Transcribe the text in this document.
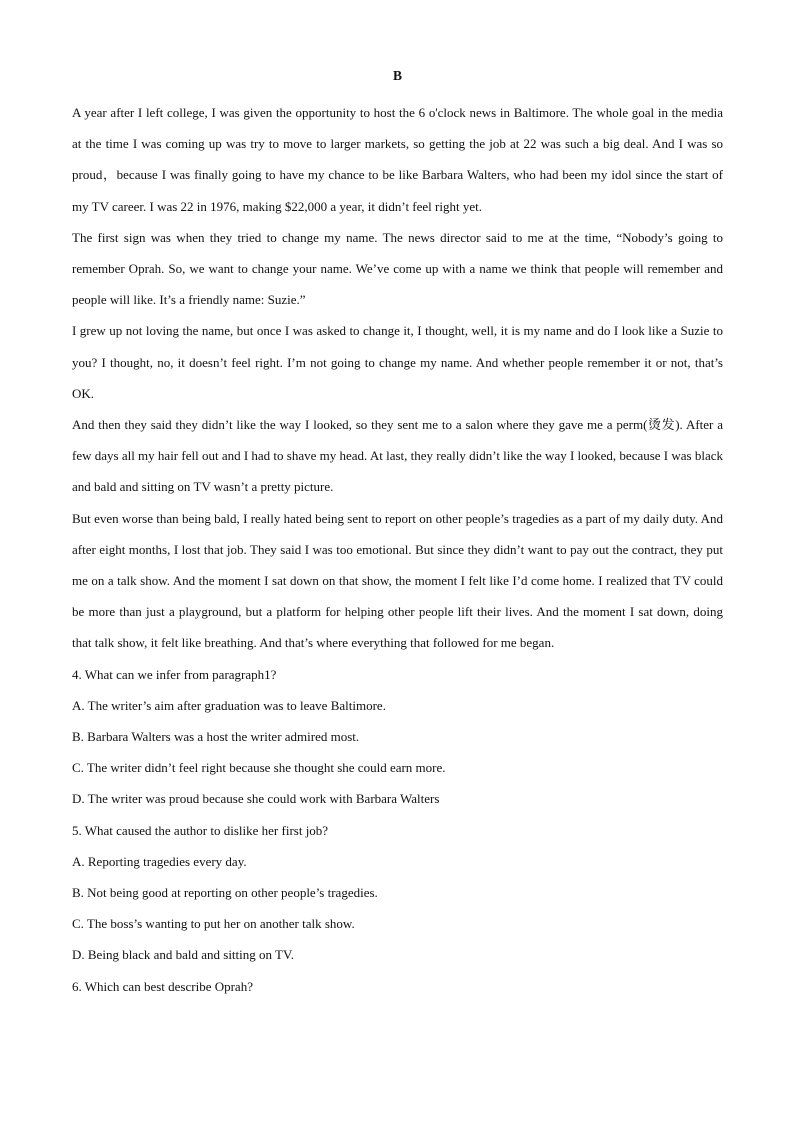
B

A year after I left college, I was given the opportunity to host the 6 o'clock news in Baltimore. The whole goal in the media at the time I was coming up was try to move to larger markets, so getting the job at 22 was such a big deal. And I was so proud，because I was finally going to have my chance to be like Barbara Walters, who had been my idol since the start of my TV career. I was 22 in 1976, making $22,000 a year, it didn’t feel right yet.

The first sign was when they tried to change my name. The news director said to me at the time, “Nobody’s going to remember Oprah. So, we want to change your name. We’ve come up with a name we think that people will remember and people will like. It’s a friendly name: Suzie.”

I grew up not loving the name, but once I was asked to change it, I thought, well, it is my name and do I look like a Suzie to you? I thought, no, it doesn’t feel right. I’m not going to change my name. And whether people remember it or not, that’s OK.

And then they said they didn’t like the way I looked, so they sent me to a salon where they gave me a perm(烫发). After a few days all my hair fell out and I had to shave my head. At last, they really didn’t like the way I looked, because I was black and bald and sitting on TV wasn’t a pretty picture.

But even worse than being bald, I really hated being sent to report on other people’s tragedies as a part of my daily duty. And after eight months, I lost that job. They said I was too emotional. But since they didn’t want to pay out the contract, they put me on a talk show. And the moment I sat down on that show, the moment I felt like I’d come home. I realized that TV could be more than just a playground, but a platform for helping other people lift their lives. And the moment I sat down, doing that talk show, it felt like breathing. And that’s where everything that followed for me began.

4. What can we infer from paragraph1?
A. The writer’s aim after graduation was to leave Baltimore.
B. Barbara Walters was a host the writer admired most.
C. The writer didn’t feel right because she thought she could earn more.
D. The writer was proud because she could work with Barbara Walters
5. What caused the author to dislike her first job?
A. Reporting tragedies every day.
B. Not being good at reporting on other people’s tragedies.
C. The boss’s wanting to put her on another talk show.
D. Being black and bald and sitting on TV.
6. Which can best describe Oprah?
